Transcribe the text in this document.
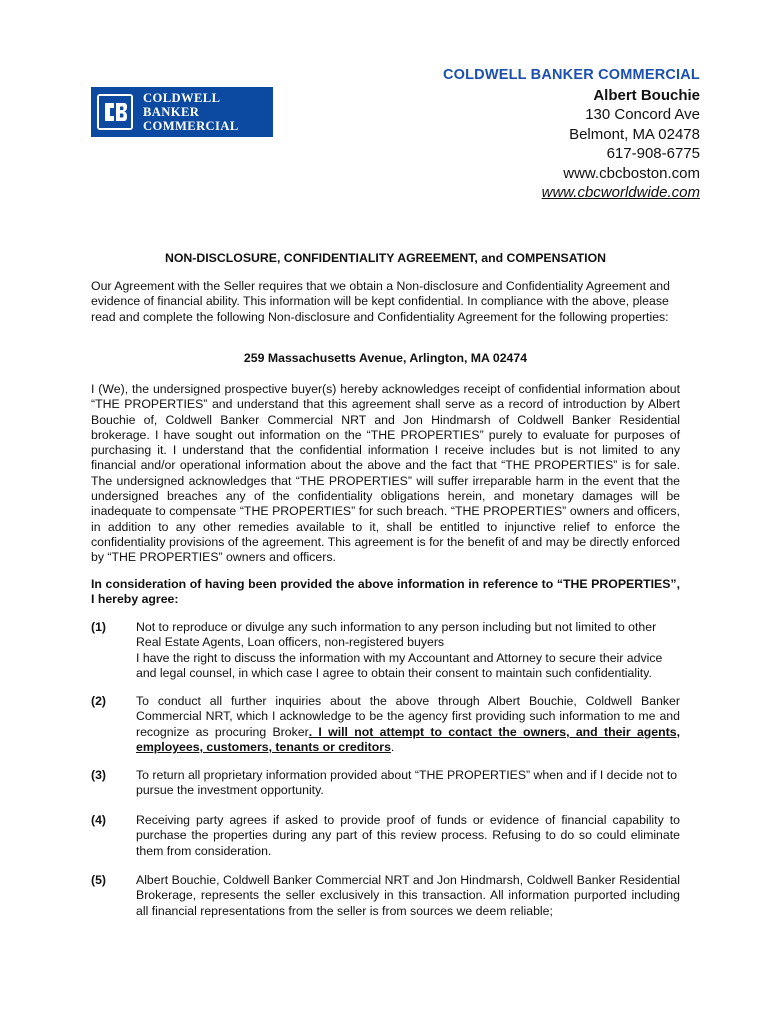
COLDWELL
BANKER
COMMERCIAL
COLDWELL BANKER COMMERCIAL
Albert Bouchie
130 Concord Ave
Belmont, MA 02478
617-908-6775
www.cbcboston.com
www.cbcworldwide.com
NON-DISCLOSURE, CONFIDENTIALITY AGREEMENT, and COMPENSATION
Our Agreement with the Seller requires that we obtain a Non-disclosure and Confidentiality Agreement and evidence of financial ability. This information will be kept confidential. In compliance with the above, please read and complete the following Non-disclosure and Confidentiality Agreement for the following properties:
259 Massachusetts Avenue, Arlington, MA 02474
I (We), the undersigned prospective buyer(s) hereby acknowledges receipt of confidential information about “THE PROPERTIES” and understand that this agreement shall serve as a record of introduction by Albert Bouchie of, Coldwell Banker Commercial NRT and Jon Hindmarsh of Coldwell Banker Residential brokerage. I have sought out information on the “THE PROPERTIES” purely to evaluate for purposes of purchasing it. I understand that the confidential information I receive includes but is not limited to any financial and/or operational information about the above and the fact that “THE PROPERTIES” is for sale. The undersigned acknowledges that “THE PROPERTIES” will suffer irreparable harm in the event that the undersigned breaches any of the confidentiality obligations herein, and monetary damages will be inadequate to compensate “THE PROPERTIES” for such breach. “THE PROPERTIES” owners and officers, in addition to any other remedies available to it, shall be entitled to injunctive relief to enforce the confidentiality provisions of the agreement. This agreement is for the benefit of and may be directly enforced by “THE PROPERTIES” owners and officers.
In consideration of having been provided the above information in reference to “THE PROPERTIES”, I hereby agree:
(1)	Not to reproduce or divulge any such information to any person including but not limited to other Real Estate Agents, Loan officers, non-registered buyers
I have the right to discuss the information with my Accountant and Attorney to secure their advice and legal counsel, in which case I agree to obtain their consent to maintain such confidentiality.
(2)	To conduct all further inquiries about the above through Albert Bouchie, Coldwell Banker Commercial NRT, which I acknowledge to be the agency first providing such information to me and recognize as procuring Broker. I will not attempt to contact the owners, and their agents, employees, customers, tenants or creditors.
(3)	To return all proprietary information provided about “THE PROPERTIES” when and if I decide not to pursue the investment opportunity.
(4)	Receiving party agrees if asked to provide proof of funds or evidence of financial capability to purchase the properties during any part of this review process. Refusing to do so could eliminate them from consideration.
(5)	Albert Bouchie, Coldwell Banker Commercial NRT and Jon Hindmarsh, Coldwell Banker Residential Brokerage, represents the seller exclusively in this transaction. All information purported including all financial representations from the seller is from sources we deem reliable;
